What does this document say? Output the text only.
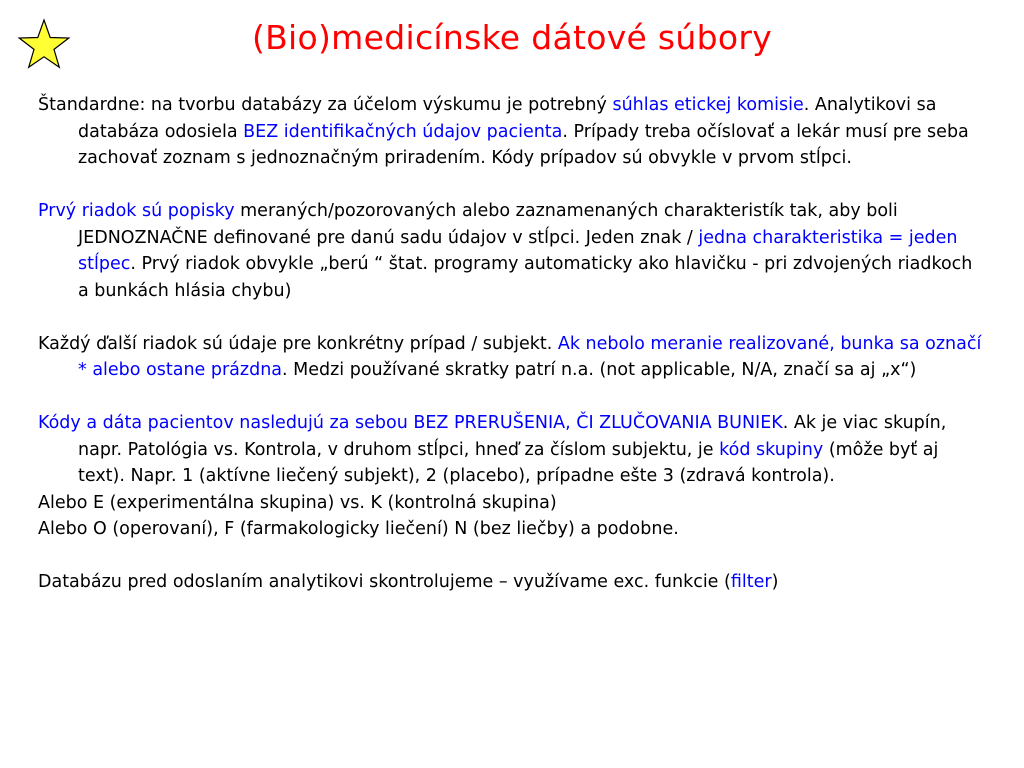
(Bio)medicínske dátové súbory

Štandardne: na tvorbu databázy za účelom výskumu je potrebný súhlas etickej komisie. Analytikovi sa databáza odosiela BEZ identifikačných údajov pacienta. Prípady treba očíslovať a lekár musí pre seba zachovať zoznam s jednoznačným priradením. Kódy prípadov sú obvykle v prvom stĺpci.

Prvý riadok sú popisky meraných/pozorovaných alebo zaznamenaných charakteristík tak, aby boli JEDNOZNAČNE definované pre danú sadu údajov v stĺpci. Jeden znak / jedna charakteristika = jeden stĺpec. Prvý riadok obvykle „berú “ štat. programy automaticky ako hlavičku - pri zdvojených riadkoch a bunkách hlásia chybu)

Každý ďalší riadok sú údaje pre konkrétny prípad / subjekt. Ak nebolo meranie realizované, bunka sa označí * alebo ostane prázdna. Medzi používané skratky patrí n.a. (not applicable, N/A, značí sa aj „x“)

Kódy a dáta pacientov nasledujú za sebou BEZ PRERUŠENIA, ČI ZLUČOVANIA BUNIEK. Ak je viac skupín, napr. Patológia vs. Kontrola, v druhom stĺpci, hneď za číslom subjektu, je kód skupiny (môže byť aj text). Napr. 1 (aktívne liečený subjekt), 2 (placebo), prípadne ešte 3 (zdravá kontrola).

Alebo E (experimentálna skupina) vs. K (kontrolná skupina)

Alebo O (operovaní), F (farmakologicky liečení) N (bez liečby) a podobne.

Databázu pred odoslaním analytikovi skontrolujeme – využívame exc. funkcie (filter)
